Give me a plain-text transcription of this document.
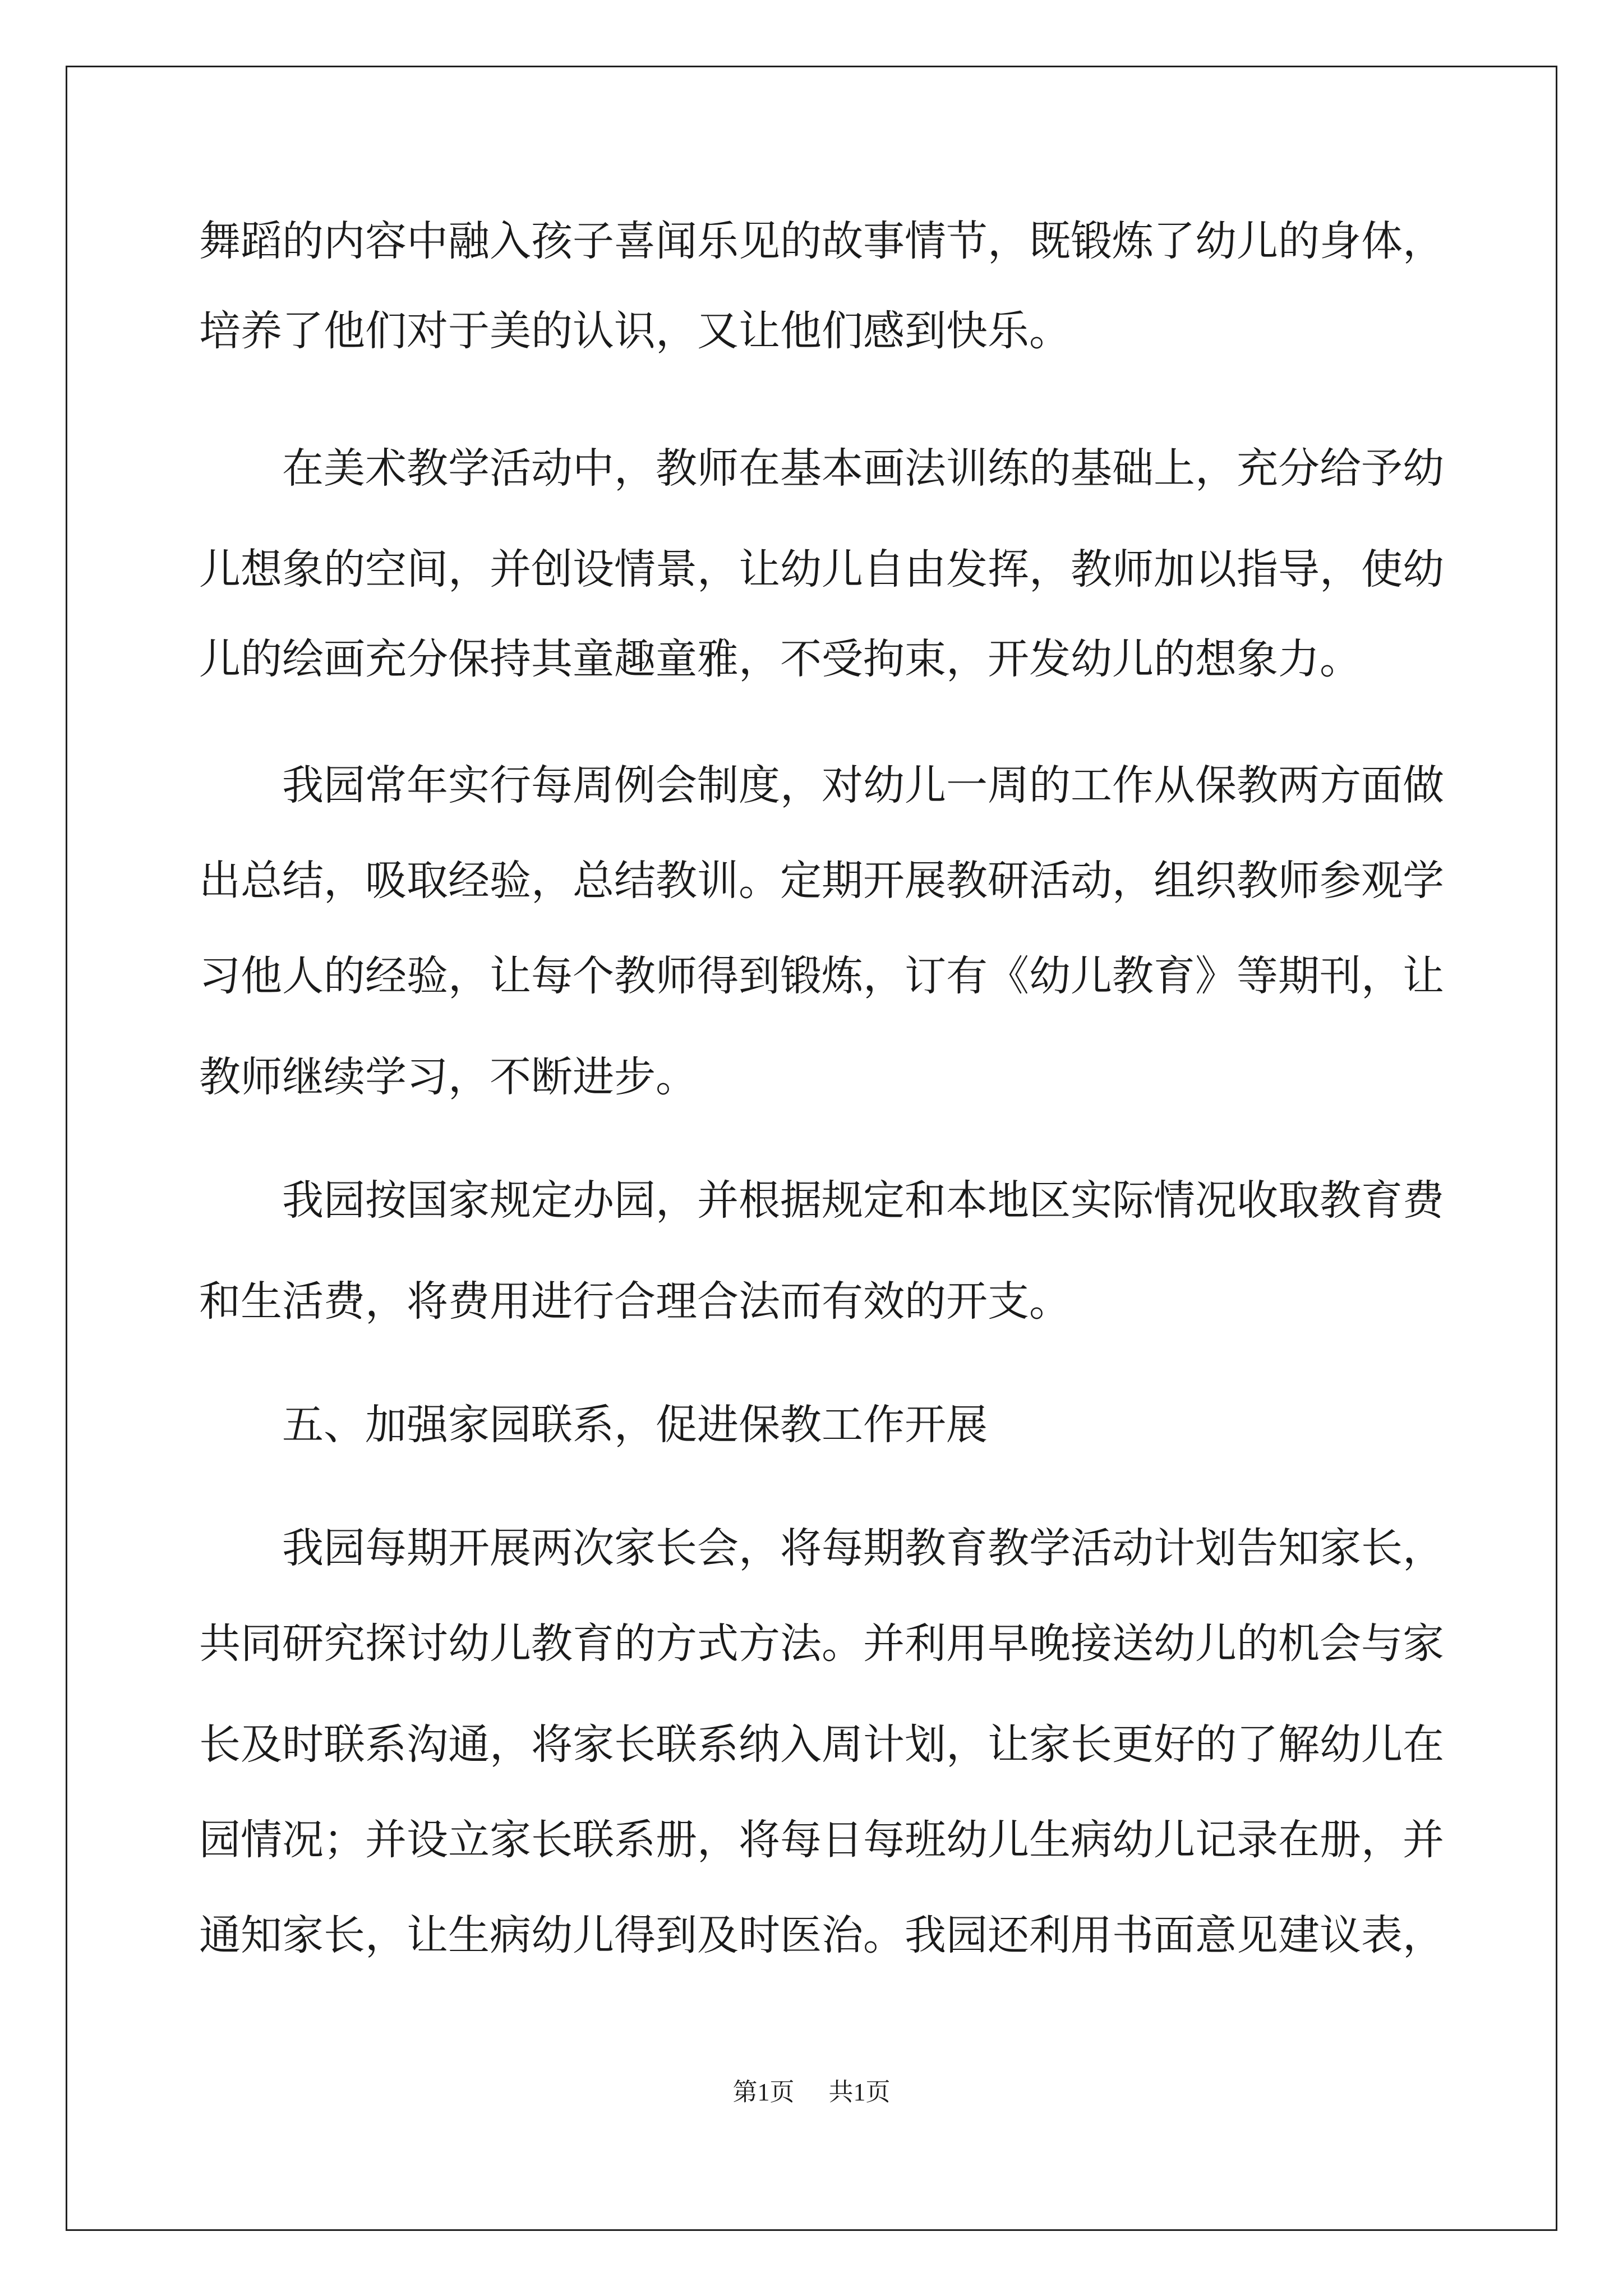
舞蹈的内容中融入孩子喜闻乐见的故事情节，既锻炼了幼儿的身体，
培养了他们对于美的认识，又让他们感到快乐。
在美术教学活动中，教师在基本画法训练的基础上，充分给予幼
儿想象的空间，并创设情景，让幼儿自由发挥，教师加以指导，使幼
儿的绘画充分保持其童趣童雅，不受拘束，开发幼儿的想象力。
我园常年实行每周例会制度，对幼儿一周的工作从保教两方面做
出总结，吸取经验，总结教训。定期开展教研活动，组织教师参观学
习他人的经验，让每个教师得到锻炼，订有《幼儿教育》等期刊，让
教师继续学习，不断进步。
我园按国家规定办园，并根据规定和本地区实际情况收取教育费
和生活费，将费用进行合理合法而有效的开支。
五、加强家园联系，促进保教工作开展
我园每期开展两次家长会，将每期教育教学活动计划告知家长，
共同研究探讨幼儿教育的方式方法。并利用早晚接送幼儿的机会与家
长及时联系沟通，将家长联系纳入周计划，让家长更好的了解幼儿在
园情况；并设立家长联系册，将每日每班幼儿生病幼儿记录在册，并
通知家长，让生病幼儿得到及时医治。我园还利用书面意见建议表，
第1页 共1页
